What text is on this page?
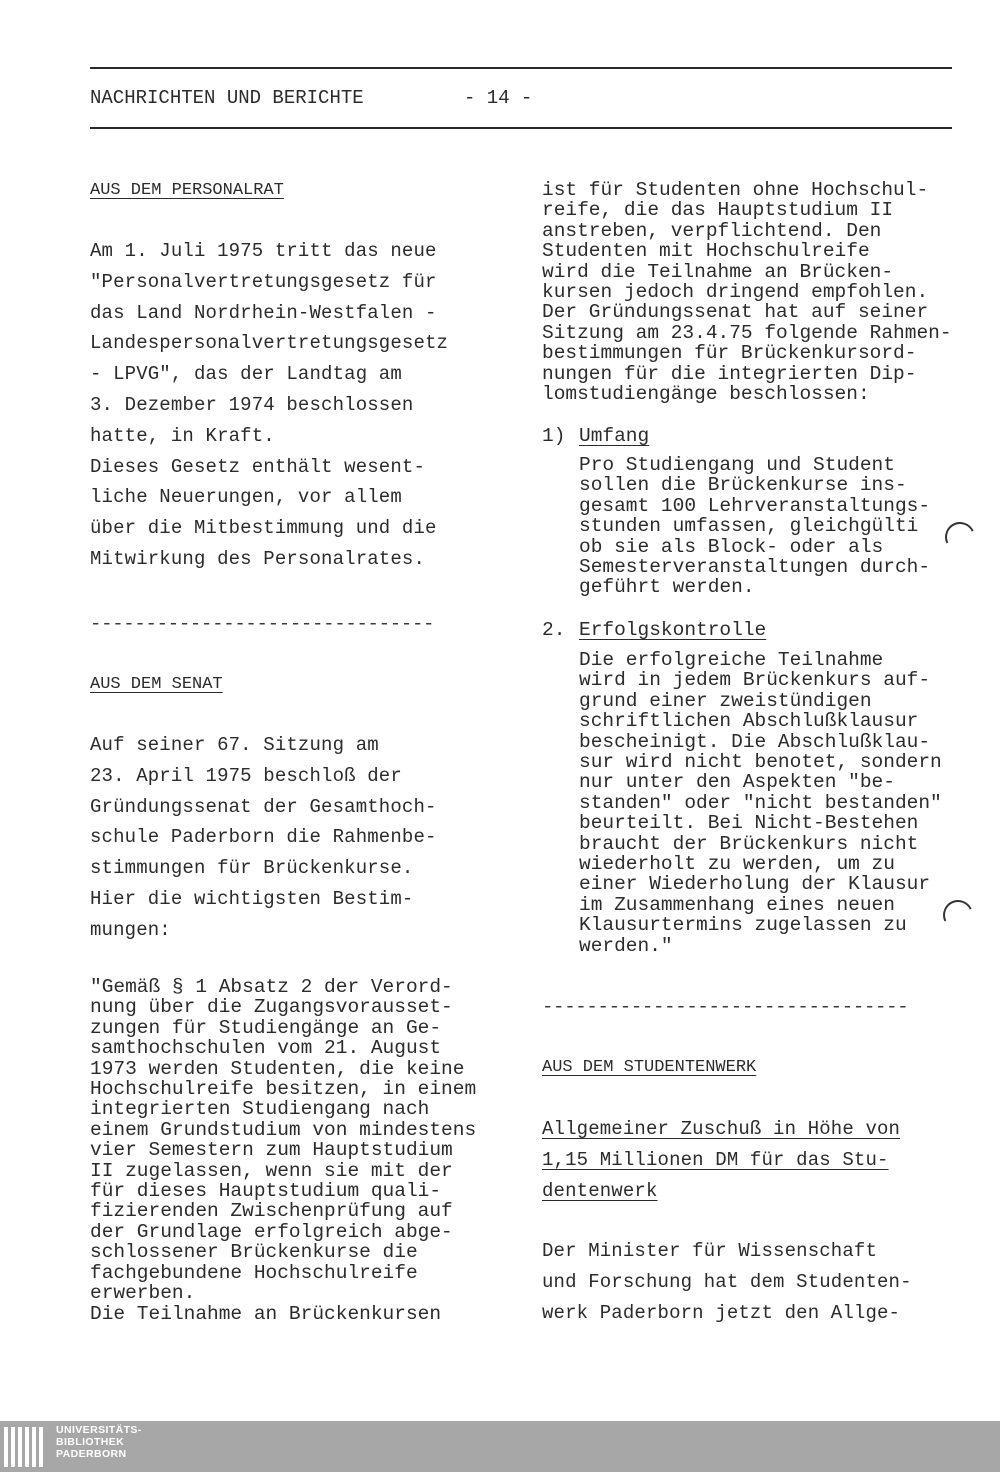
NACHRICHTEN UND BERICHTE	- 14 -
AUS DEM PERSONALRAT
Am 1. Juli 1975 tritt das neue
"Personalvertretungsgesetz für
das Land Nordrhein-Westfalen -
Landespersonalvertretungsgesetz
- LPVG", das der Landtag am
3. Dezember 1974 beschlossen
hatte, in Kraft.
Dieses Gesetz enthält wesent-
liche Neuerungen, vor allem
über die Mitbestimmung und die
Mitwirkung des Personalrates.
-------------------------------
AUS DEM SENAT
Auf seiner 67. Sitzung am
23. April 1975 beschloß der
Gründungssenat der Gesamthoch-
schule Paderborn die Rahmenbe-
stimmungen für Brückenkurse.
Hier die wichtigsten Bestim-
mungen:
"Gemäß § 1 Absatz 2 der Verord-
nung über die Zugangsvorausset-
zungen für Studiengänge an Ge-
samthochschulen vom 21. August
1973 werden Studenten, die keine
Hochschulreife besitzen, in einem
integrierten Studiengang nach
einem Grundstudium von mindestens
vier Semestern zum Hauptstudium
II zugelassen, wenn sie mit der
für dieses Hauptstudium quali-
fizierenden Zwischenprüfung auf
der Grundlage erfolgreich abge-
schlossener Brückenkurse die
fachgebundene Hochschulreife
erwerben.
Die Teilnahme an Brückenkursen
ist für Studenten ohne Hochschul-
reife, die das Hauptstudium II
anstreben, verpflichtend. Den
Studenten mit Hochschulreife
wird die Teilnahme an Brücken-
kursen jedoch dringend empfohlen.
Der Gründungssenat hat auf seiner
Sitzung am 23.4.75 folgende Rahmen-
bestimmungen für Brückenkursord-
nungen für die integrierten Dip-
lomstudiengänge beschlossen:
1) Umfang
Pro Studiengang und Student
sollen die Brückenkurse ins-
gesamt 100 Lehrveranstaltungs-
stunden umfassen, gleichgülti
ob sie als Block- oder als
Semesterveranstaltungen durch-
geführt werden.
2. Erfolgskontrolle
Die erfolgreiche Teilnahme
wird in jedem Brückenkurs auf-
grund einer zweistündigen
schriftlichen Abschlußklausur
bescheinigt. Die Abschlußklau-
sur wird nicht benotet, sondern
nur unter den Aspekten "be-
standen" oder "nicht bestanden"
beurteilt. Bei Nicht-Bestehen
braucht der Brückenkurs nicht
wiederholt zu werden, um zu
einer Wiederholung der Klausur
im Zusammenhang eines neuen
Klausurtermins zugelassen zu
werden."
---------------------------------
AUS DEM STUDENTENWERK
Allgemeiner Zuschuß in Höhe von
1,15 Millionen DM für das Stu-
dentenwerk
Der Minister für Wissenschaft
und Forschung hat dem Studenten-
werk Paderborn jetzt den Allge-
UNIVERSITÄTS-
BIBLIOTHEK
PADERBORN
